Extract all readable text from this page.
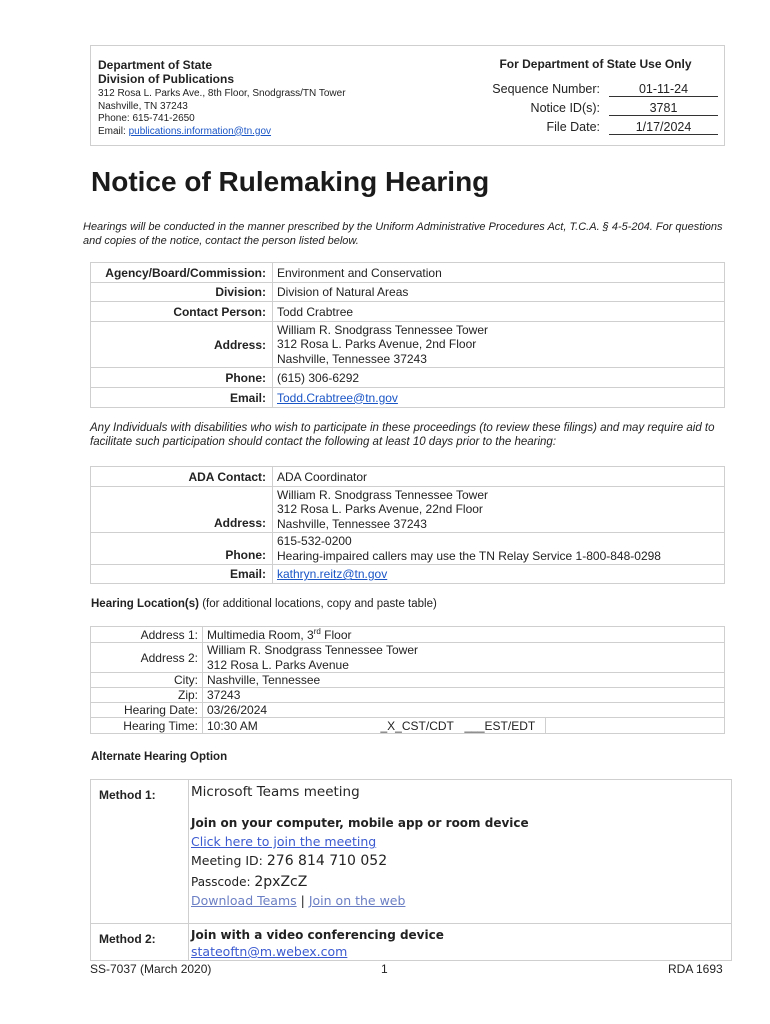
Department of State
Division of Publications
312 Rosa L. Parks Ave., 8th Floor, Snodgrass/TN Tower
Nashville, TN 37243
Phone: 615-741-2650
Email: publications.information@tn.gov
For Department of State Use Only
Sequence Number:	01-11-24
Notice ID(s):	3781
File Date:	1/17/2024
Notice of Rulemaking Hearing
Hearings will be conducted in the manner prescribed by the Uniform Administrative Procedures Act, T.C.A. § 4-5-204. For questions and copies of the notice, contact the person listed below.
Agency/Board/Commission:	Environment and Conservation
Division:	Division of Natural Areas
Contact Person:	Todd Crabtree
Address:	William R. Snodgrass Tennessee Tower
312 Rosa L. Parks Avenue, 2nd Floor
Nashville, Tennessee 37243

Phone:	(615) 306-6292
Email:	Todd.Crabtree@tn.gov
Any Individuals with disabilities who wish to participate in these proceedings (to review these filings) and may require aid to facilitate such participation should contact the following at least 10 days prior to the hearing:
ADA Contact:	ADA Coordinator
Address:	William R. Snodgrass Tennessee Tower
312 Rosa L. Parks Avenue, 22nd Floor
Nashville, Tennessee 37243

Phone:	615-532-0200
Hearing-impaired callers may use the TN Relay Service 1-800-848-0298

Email:	kathryn.reitz@tn.gov
Hearing Location(s) (for additional locations, copy and paste table)
Address 1:	Multimedia Room, 3rd Floor	
Address 2:	William R. Snodgrass Tennessee Tower
312 Rosa L. Parks Avenue	

City:	Nashville, Tennessee	
Zip:	37243	
Hearing Date:	03/26/2024	
Hearing Time:	10:30 AM _X_CST/CDT ___EST/EDT	

Alternate Hearing Option
Method 1:	Microsoft Teams meeting
Join on your computer, mobile app or room device
Click here to join the meeting
Meeting ID: 276 814 710 052
Passcode: 2pxZcZ
Download Teams | Join on the web
Method 2:	Join with a video conferencing device
stateoftn@m.webex.com
SS-7037 (March 2020)	1	RDA 1693
